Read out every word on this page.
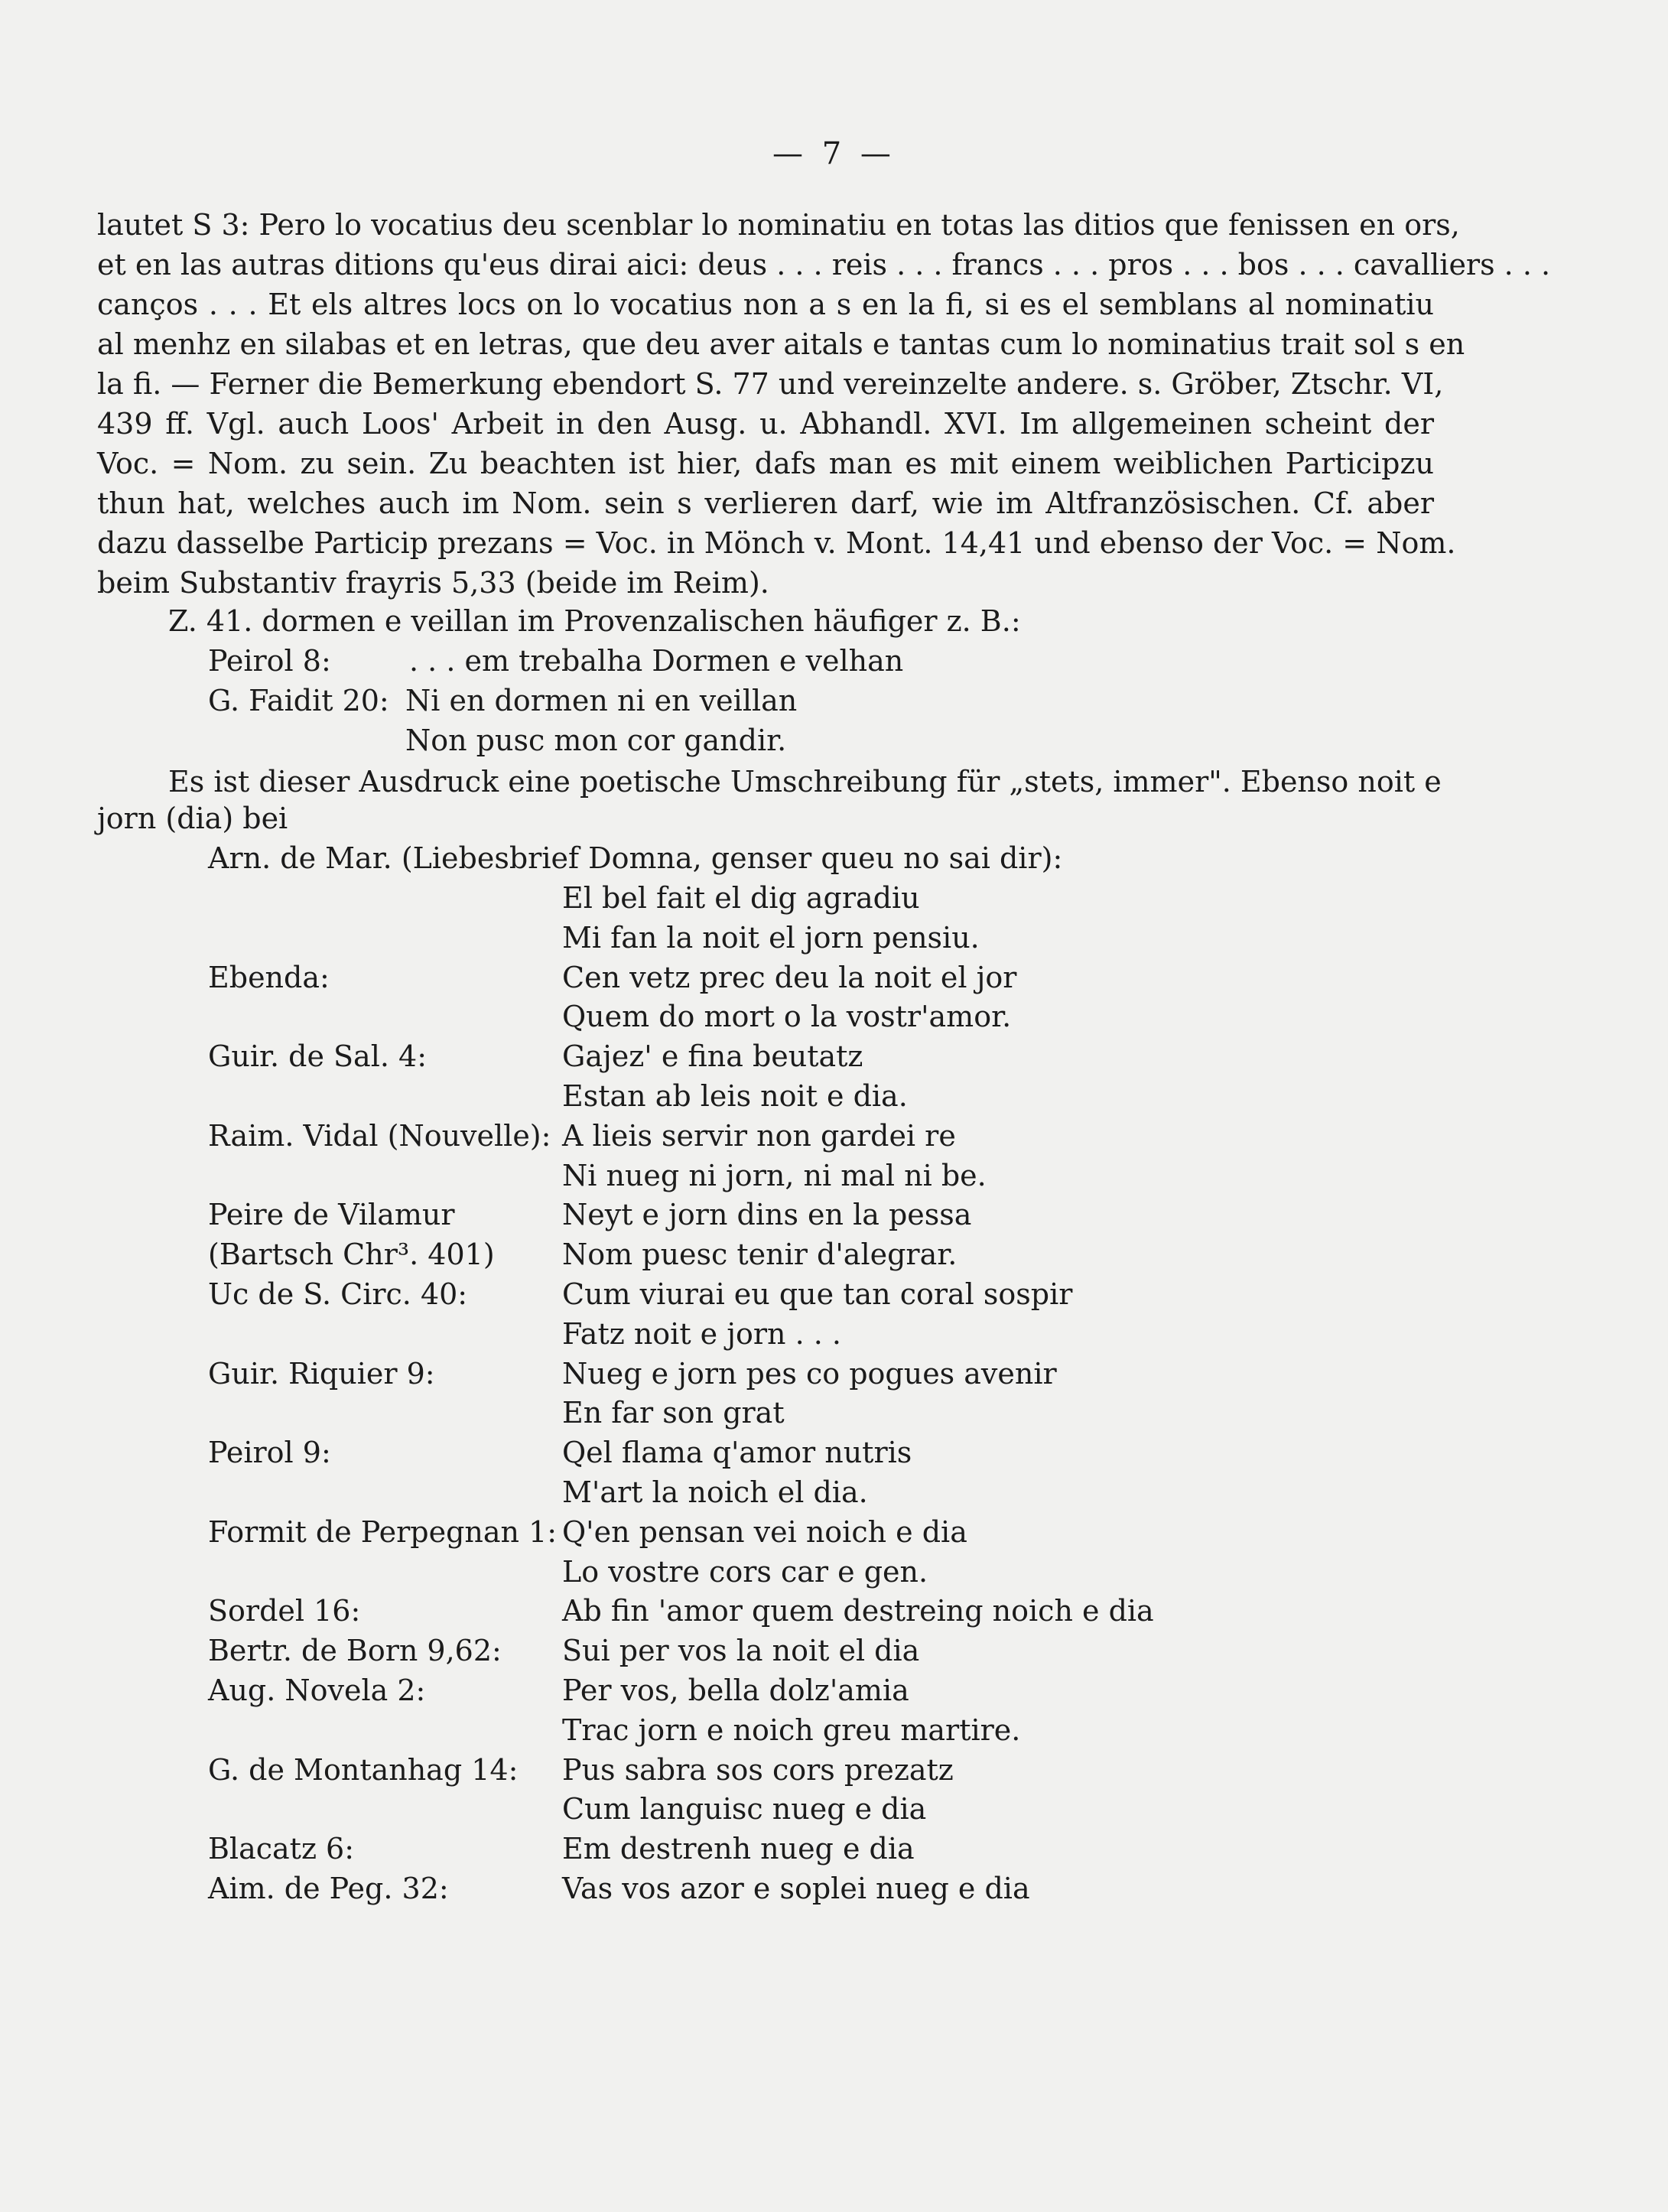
— 7 —
lautet S 3: Pero lo vocatius deu scenblar lo nominatiu en totas las ditios que fenissen en ors,
et en las autras ditions qu'eus dirai aici: deus . . . reis . . . francs . . . pros . . . bos . . . cavalliers . . .
canços . . . Et els altres locs on lo vocatius non a s en la fi, si es el semblans al nominatiu
al menhz en silabas et en letras, que deu aver aitals e tantas cum lo nominatius trait sol s en
la fi. — Ferner die Bemerkung ebendort S. 77 und vereinzelte andere. s. Gröber, Ztschr. VI,
439 ff. Vgl. auch Loos' Arbeit in den Ausg. u. Abhandl. XVI. Im allgemeinen scheint der
Voc. = Nom. zu sein. Zu beachten ist hier, dafs man es mit einem weiblichen Participzu
thun hat, welches auch im Nom. sein s verlieren darf, wie im Altfranzösischen. Cf. aber
dazu dasselbe Particip prezans = Voc. in Mönch v. Mont. 14,41 und ebenso der Voc. = Nom.
beim Substantiv frayris 5,33 (beide im Reim).
Z. 41. dormen e veillan im Provenzalischen häufiger z. B.:
Peirol 8:	. . . em trebalha Dormen e velhan
G. Faidit 20: Ni en dormen ni en veillan
Non pusc mon cor gandir.
Es ist dieser Ausdruck eine poetische Umschreibung für „stets, immer". Ebenso noit e
jorn (dia) bei
Arn. de Mar. (Liebesbrief Domna, genser queu no sai dir):
El bel fait el dig agradiu
Mi fan la noit el jorn pensiu.
Ebenda:	Cen vetz prec deu la noit el jor
Quem do mort o la vostr'amor.
Guir. de Sal. 4:	Gajez' e fina beutatz
Estan ab leis noit e dia.
Raim. Vidal (Nouvelle): A lieis servir non gardei re
Ni nueg ni jorn, ni mal ni be.
Peire de Vilamur	Neyt e jorn dins en la pessa
(Bartsch Chr³. 401) Nom puesc tenir d'alegrar.
Uc de S. Circ. 40:	Cum viurai eu que tan coral sospir
Fatz noit e jorn . . .
Guir. Riquier 9:	Nueg e jorn pes co pogues avenir
En far son grat
Peirol 9:	Qel flama q'amor nutris
M'art la noich el dia.
Formit de Perpegnan 1: Q'en pensan vei noich e dia
Lo vostre cors car e gen.
Sordel 16:	Ab fin 'amor quem destreing noich e dia
Bertr. de Born 9,62: Sui per vos la noit el dia
Aug. Novela 2:	Per vos, bella dolz'amia
Trac jorn e noich greu martire.
G. de Montanhag 14: Pus sabra sos cors prezatz
Cum languisc nueg e dia
Blacatz 6:	Em destrenh nueg e dia
Aim. de Peg. 32:	Vas vos azor e soplei nueg e dia
